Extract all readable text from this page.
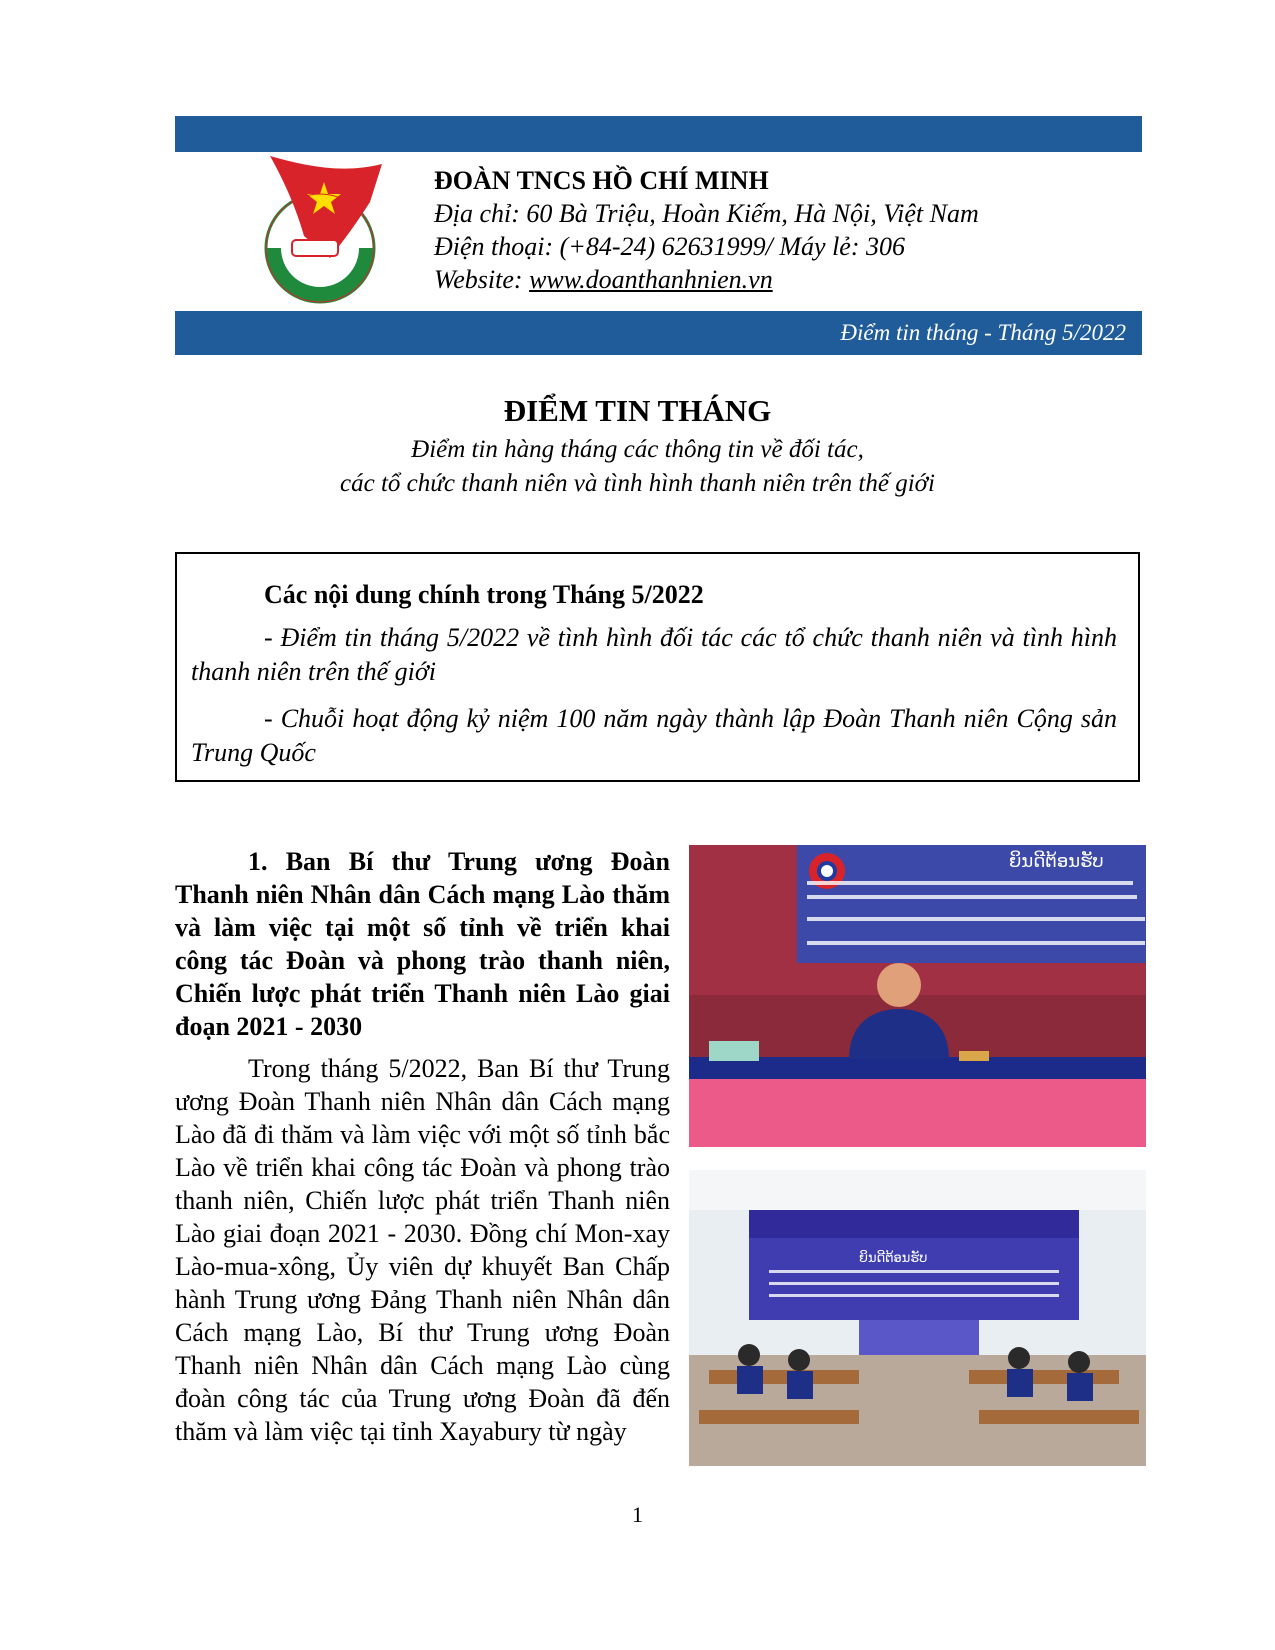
ĐOÀN TNCS HỒ CHÍ MINH
Địa chỉ: 60 Bà Triệu, Hoàn Kiếm, Hà Nội, Việt Nam
Điện thoại: (+84-24) 62631999/ Máy lẻ: 306
Website: www.doanthanhnien.vn
Điểm tin tháng - Tháng 5/2022
ĐIỂM TIN THÁNG
Điểm tin hàng tháng các thông tin về đối tác,
các tổ chức thanh niên và tình hình thanh niên trên thế giới
Các nội dung chính trong Tháng 5/2022
- Điểm tin tháng 5/2022 về tình hình đối tác các tổ chức thanh niên và tình hình thanh niên trên thế giới
- Chuỗi hoạt động kỷ niệm 100 năm ngày thành lập Đoàn Thanh niên Cộng sản Trung Quốc
1. Ban Bí thư Trung ương Đoàn Thanh niên Nhân dân Cách mạng Lào thăm và làm việc tại một số tỉnh về triển khai công tác Đoàn và phong trào thanh niên, Chiến lược phát triển Thanh niên Lào giai đoạn 2021 - 2030
Trong tháng 5/2022, Ban Bí thư Trung ương Đoàn Thanh niên Nhân dân Cách mạng Lào đã đi thăm và làm việc với một số tỉnh bắc Lào về triển khai công tác Đoàn và phong trào thanh niên, Chiến lược phát triển Thanh niên Lào giai đoạn 2021 - 2030. Đồng chí Mon-xay Lào-mua-xông, Ủy viên dự khuyết Ban Chấp hành Trung ương Đảng Thanh niên Nhân dân Cách mạng Lào, Bí thư Trung ương Đoàn Thanh niên Nhân dân Cách mạng Lào cùng đoàn công tác của Trung ương Đoàn đã đến thăm và làm việc tại tỉnh Xayabury từ ngày
ຍິນດີຕ້ອນຮັບ
ຍິນດີຕ້ອນຮັບ
1
